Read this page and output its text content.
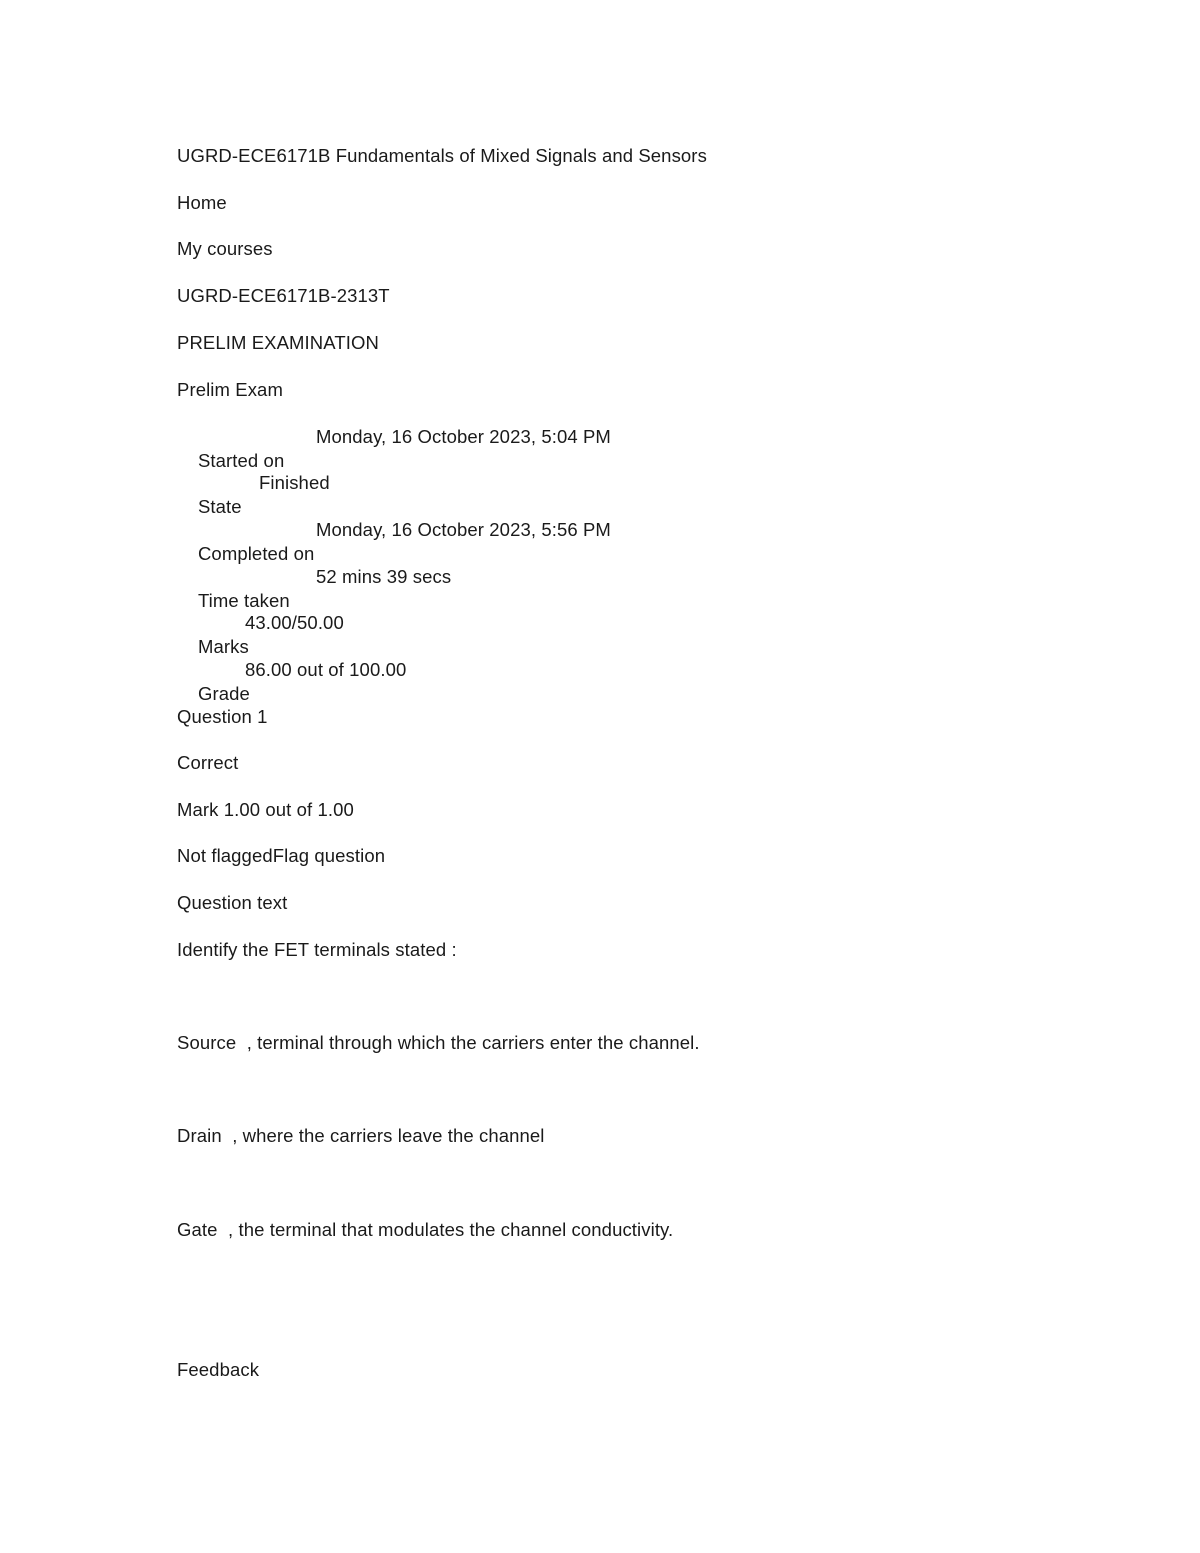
UGRD-ECE6171B Fundamentals of Mixed Signals and Sensors
Home
My courses
UGRD-ECE6171B-2313T
PRELIM EXAMINATION
Prelim Exam

Started on

Monday, 16 October 2023, 5:04 PM

State

Finished

Completed on

Monday, 16 October 2023, 5:56 PM

Time taken

52 mins 39 secs

Marks

43.00/50.00

Grade

86.00 out of 100.00

Question 1
Correct
Mark 1.00 out of 1.00
Not flaggedFlag question
Question text
Identify the FET terminals stated :
Source  , terminal through which the carriers enter the channel.
Drain  , where the carriers leave the channel
Gate  , the terminal that modulates the channel conductivity.
Feedback
